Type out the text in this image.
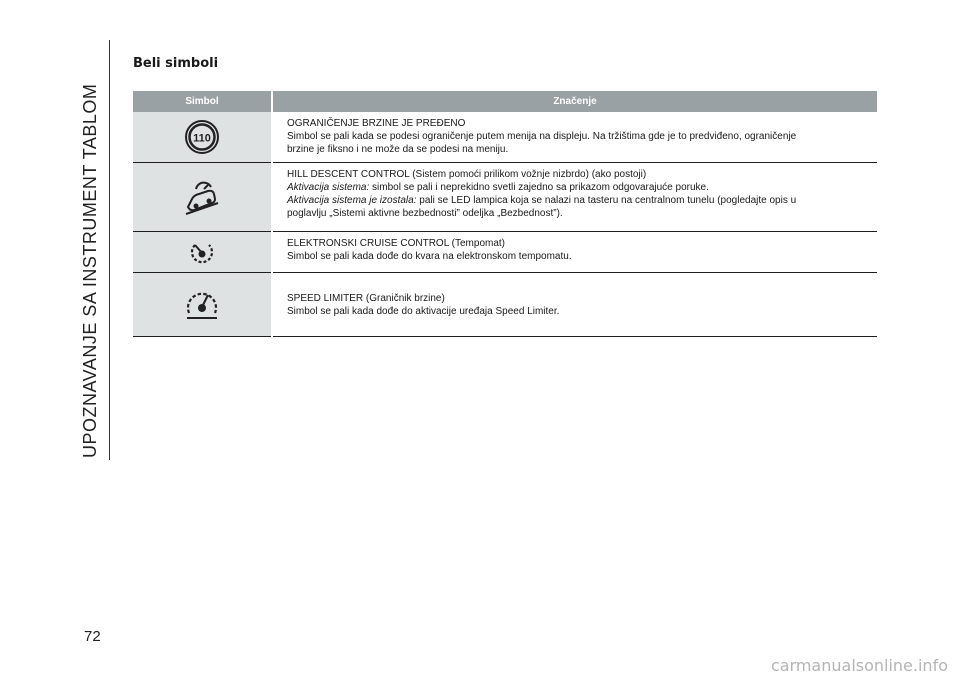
UPOZNAVANJE SA INSTRUMENT TABLOM
72
Beli simboli
Simbol	Značenje

110	OGRANIČENJE BRZINE JE PREĐENO
Simbol se pali kada se podesi ograničenje putem menija na displeju. Na tržištima gde je to predviđeno, ograničenje
brzine je fiksno i ne može da se podesi na meniju.

HILL DESCENT CONTROL (Sistem pomoći prilikom vožnje nizbrdo) (ako postoji)
Aktivacija sistema: simbol se pali i neprekidno svetli zajedno sa prikazom odgovarajuće poruke.
Aktivacija sistema je izostala: pali se LED lampica koja se nalazi na tasteru na centralnom tunelu (pogledajte opis u
poglavlju „Sistemi aktivne bezbednosti” odeljka „Bezbednost”).

ELEKTRONSKI CRUISE CONTROL (Tempomat)
Simbol se pali kada dođe do kvara na elektronskom tempomatu.

SPEED LIMITER (Graničnik brzine)
Simbol se pali kada dođe do aktivacije uređaja Speed Limiter.
carmanualsonline.info
